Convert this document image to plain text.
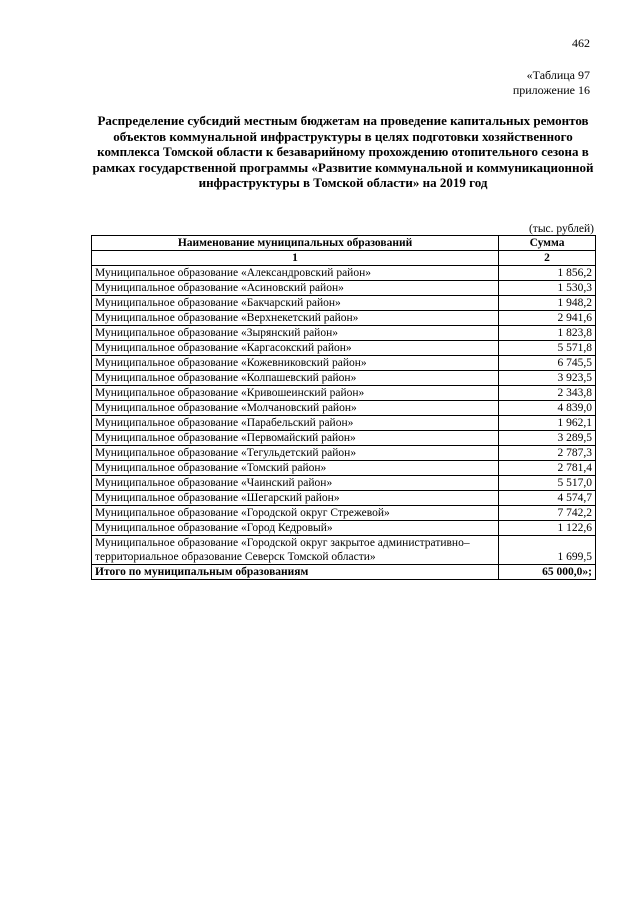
462
«Таблица 97
приложение 16
Распределение субсидий местным бюджетам на проведение капитальных ремонтов объектов коммунальной инфраструктуры в целях подготовки хозяйственного комплекса Томской области к безаварийному прохождению отопительного сезона в рамках государственной программы «Развитие коммунальной и коммуникационной инфраструктуры в Томской области» на 2019 год
(тыс. рублей)
Наименование муниципальных образований	Сумма
1	2
Муниципальное образование «Александровский район»	1 856,2
Муниципальное образование «Асиновский район»	1 530,3
Муниципальное образование «Бакчарский район»	1 948,2
Муниципальное образование «Верхнекетский район»	2 941,6
Муниципальное образование «Зырянский район»	1 823,8
Муниципальное образование «Каргасокский район»	5 571,8
Муниципальное образование «Кожевниковский район»	6 745,5
Муниципальное образование «Колпашевский район»	3 923,5
Муниципальное образование «Кривошеинский район»	2 343,8
Муниципальное образование «Молчановский район»	4 839,0
Муниципальное образование «Парабельский район»	1 962,1
Муниципальное образование «Первомайский район»	3 289,5
Муниципальное образование «Тегульдетский район»	2 787,3
Муниципальное образование «Томский район»	2 781,4
Муниципальное образование «Чаинский район»	5 517,0
Муниципальное образование «Шегарский район»	4 574,7
Муниципальное образование «Городской округ Стрежевой»	7 742,2
Муниципальное образование «Город Кедровый»	1 122,6
Муниципальное образование «Городской округ закрытое административно–территориальное образование Северск Томской области»	1 699,5
Итого по муниципальным образованиям	65 000,0»;
